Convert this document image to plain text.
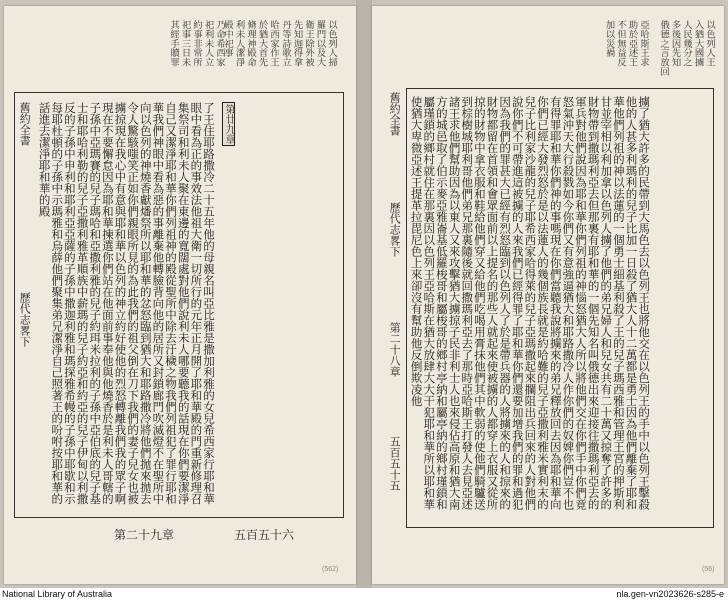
以色列人掃羅門以及大衛王除外被先知迦得拿丹等詩歌立
哈西家作王於猶大首先脩理神殿命利未人潔淨殿中祀事
乃命希西家祀利未人立約事非常所祀事三日未其經手贖罪
舊約全書
歷代志畧下	了王住耶路撒冷二十五年他的母親名叫亞比雅是撒加利雅的女兒希西家行耶和華眼中看為正的事效法他祖大衛一切所行的元年正月開了耶和華殿的門重新修理召集祭司和利未人聚在東邊的寬闊處對他們說利未人哪要聽我的話現在你們要潔淨自己又潔淨耶和華你們列祖神的殿從聖所中除去汙穢之物我們列祖犯了罪行耶和華我們神眼中看為惡的事離棄他轉臉背向他的居所又封鎖廊門吹滅燈不在聖所中向以色列的神燒香獻燔祭所以耶和華的忿怒臨到猶大和耶路撒冷將他們拋來拋去令人驚駭嗤笑正如你們親眼所見的為此我們的祖父倒在刀下我們的妻子兒女也被擄掠現在我心中有意與耶和華以色列的神立約好使他的烈怒轉離我們我的眾子啊現在不要懈怠因為耶和華揀選你們站在他面前事奉他與他燒香於是利未人哥轄的子孫中亞瑪賽的兒子瑪哈和亞撒利雅的兒子約珥米拉利的子孫中亞伯底的兒子基士和耶哈利勒的兒子亞撒利雅革順族中薪瑪的兒子約亞和約亞的兒子伊甸以利撒反的子孫中申利和耶利亞亞薩的子孫中撒迦利雅和瑪探雅希幔的子孫中耶歇和示每耶杜頓的子孫中示瑪雅和烏薛他們聚集弟兄潔淨自己照著王的吩咐按耶和華的話進去潔淨耶和華的殿	第廿九章
第二十九章	五百五十六
(562)
以色列人王入猶大國擄人民幾分之多後因先知俄德之言放回
亞哈斯王求助於亞述王不但無益反加以災禍
舊約全書
歷代志畧下
第二十八章
五百五十五	擄了猶大許多的民帶到大馬色去以色列王也將他交在以色列王的手中以色列王擊殺他的人甚多利瑪利的兒子比加一日殺了猶大人十二萬都是勇士因為他們離棄了耶和華他們列祖的神以法蓮的一個勇士細基利殺了王的兒子瑪西雅和管理王宮的押斯利甘並宰相以利加拿以色列人擄了他們的弟兄婦人和兒女共有二十萬又掠奪了許多的財物帶到撒瑪利亞去但那裏有耶和華的一個先知名叫俄德出來迎接往撒瑪利亞去的軍兵對他們說因為耶和華你們列祖的神惱怒猶大人所以將他們交在你們手中你們竟怒氣沖天大行殺戮如今你們又有意強逼猶大和耶路撒冷人作你們的奴婢你們豈不也有得罪耶和華你們神的事嗎現在你們當聽我說將擄來的弟兄釋放回去因為耶和華向你們已經大發烈怒於是以法蓮人的幾個族長就是約哈難的兒子亞撒利雅米實利末的兒子比利家沙龍的兒子耶希西家哈得萊的兒子亞瑪撒起來攔阻出兵回來的人對他們說你們不可帶進這被擄的人來我們已經得罪了耶和華你們還要加增我們的罪和過犯因為我們的罪甚大已經有烈怒臨到以色列人了於是帶兵器的人將擄來的人和掠來的財物都留在首領和會眾面前以上提名的那些人就起來使被擄的人都穿上衣服又從所掠的財物中拿衣服和鞋給他們穿又給他們吃喝用膏抹他們其中軟弱的使他們騎驢送到棕樹城耶利哥他們弟兄那裏隨後就回撒瑪利亞去了那時亞哈斯王打發人去見亞述諸王求他們幫助因為以東人又來攻擊猶大擄掠子民非利士人也來侵佔高原和猶大南方的城邑取了伯示麥亞雅崙基低羅梭哥和屬梭哥的鄉村亭納和屬亭納的鄉村瑾鎖和屬瑾鎖的鄉村就住在那裏因以色列王亞哈斯在猶大放肆大大干犯耶和華所以耶和華使猶大卑微亞述王提革拉毘尼色上來卻沒有幫助他反倒欺凌他
(56)
National Library of Australia	nla.gen-vn2023626-s285-e
